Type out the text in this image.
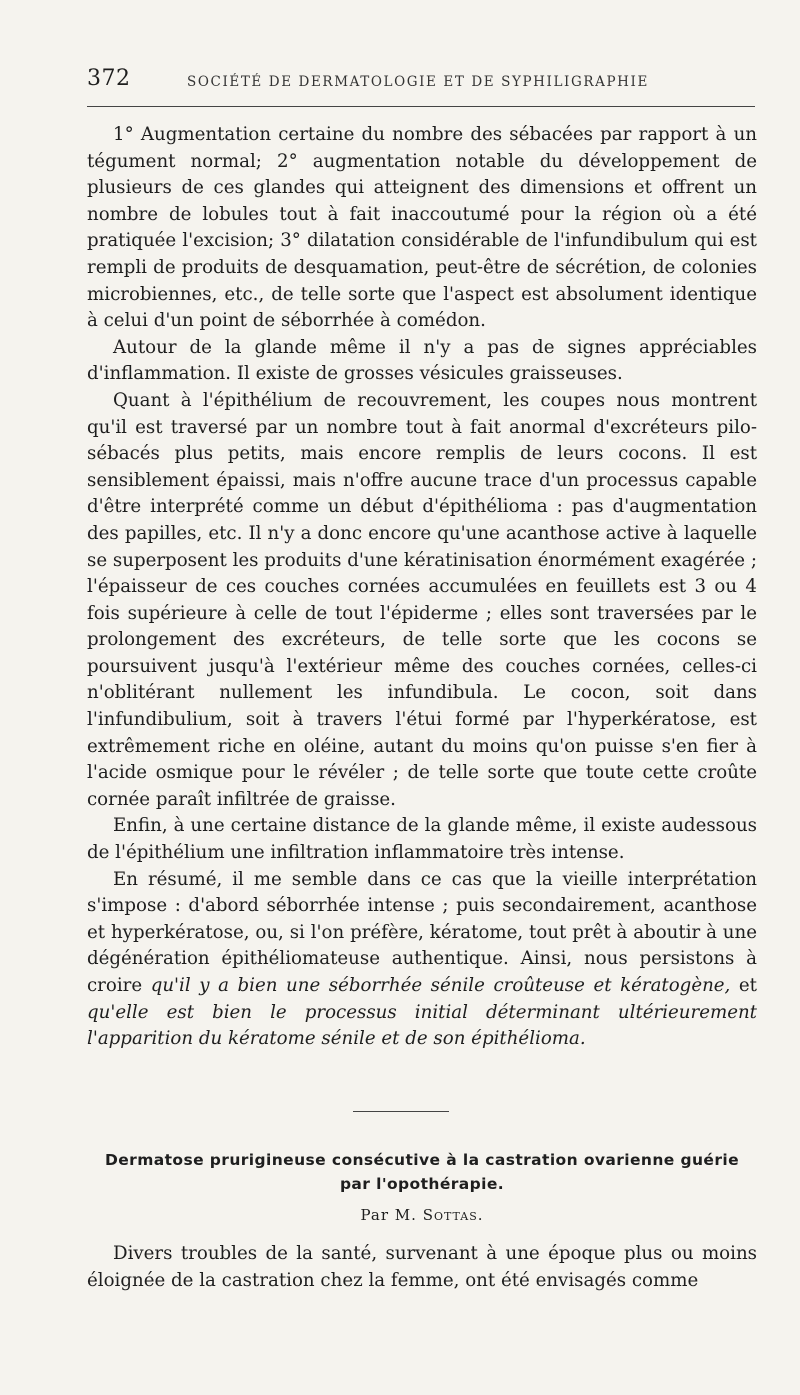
372	SOCIÉTÉ DE DERMATOLOGIE ET DE SYPHILIGRAPHIE

1° Augmentation certaine du nombre des sébacées par rapport à un tégument normal; 2° augmentation notable du développement de plusieurs de ces glandes qui atteignent des dimensions et offrent un nombre de lobules tout à fait inaccoutumé pour la région où a été pratiquée l'excision; 3° dilatation considérable de l'infundibulum qui est rempli de produits de desquamation, peut-être de sécrétion, de colonies microbiennes, etc., de telle sorte que l'aspect est absolument identique à celui d'un point de séborrhée à comédon.

Autour de la glande même il n'y a pas de signes appréciables d'inflammation. Il existe de grosses vésicules graisseuses.

Quant à l'épithélium de recouvrement, les coupes nous montrent qu'il est traversé par un nombre tout à fait anormal d'excréteurs pilo-sébacés plus petits, mais encore remplis de leurs cocons. Il est sensiblement épaissi, mais n'offre aucune trace d'un processus capable d'être interprété comme un début d'épithélioma : pas d'augmentation des papilles, etc. Il n'y a donc encore qu'une acanthose active à laquelle se superposent les produits d'une kératinisation énormément exagérée ; l'épaisseur de ces couches cornées accumulées en feuillets est 3 ou 4 fois supérieure à celle de tout l'épiderme ; elles sont traversées par le prolongement des excréteurs, de telle sorte que les cocons se poursuivent jusqu'à l'extérieur même des couches cornées, celles-ci n'oblitérant nullement les infundibula. Le cocon, soit dans l'infundibulium, soit à travers l'étui formé par l'hyperkératose, est extrêmement riche en oléine, autant du moins qu'on puisse s'en fier à l'acide osmique pour le révéler ; de telle sorte que toute cette croûte cornée paraît infiltrée de graisse.

Enfin, à une certaine distance de la glande même, il existe audessous de l'épithélium une infiltration inflammatoire très intense.

En résumé, il me semble dans ce cas que la vieille interprétation s'impose : d'abord séborrhée intense ; puis secondairement, acanthose et hyperkératose, ou, si l'on préfère, kératome, tout prêt à aboutir à une dégénération épithéliomateuse authentique. Ainsi, nous persistons à croire qu'il y a bien une séborrhée sénile croûteuse et kératogène, et qu'elle est bien le processus initial déterminant ultérieurement l'apparition du kératome sénile et de son épithélioma.

Dermatose prurigineuse consécutive à la castration ovarienne guérie par l'opothérapie.
Par M. Sottas.

Divers troubles de la santé, survenant à une époque plus ou moins éloignée de la castration chez la femme, ont été envisagés comme
